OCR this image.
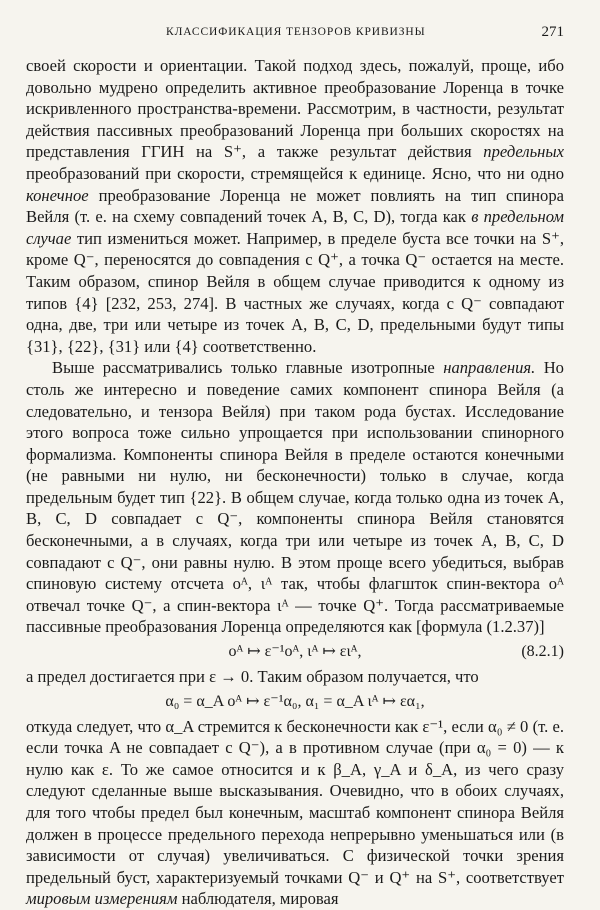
КЛАССИФИКАЦИЯ ТЕНЗОРОВ КРИВИЗНЫ	271

своей скорости и ориентации. Такой подход здесь, пожалуй, проще, ибо довольно мудрено определить активное преобразование Лоренца в точке искривленного пространства-времени. Рассмотрим, в частности, результат действия пассивных преобразований Лоренца при больших скоростях на представления ГГИН на S⁺, а также результат действия предельных преобразований при скорости, стремящейся к единице. Ясно, что ни одно конечное преобразование Лоренца не может повлиять на тип спинора Вейля (т. е. на схему совпадений точек A, B, C, D), тогда как в предельном случае тип измениться может. Например, в пределе буста все точки на S⁺, кроме Q⁻, переносятся до совпадения с Q⁺, а точка Q⁻ остается на месте. Таким образом, спинор Вейля в общем случае приводится к одному из типов {4} [232, 253, 274]. В частных же случаях, когда с Q⁻ совпадают одна, две, три или четыре из точек A, B, C, D, предельными будут типы {31}, {22}, {31} или {4} соответственно.

Выше рассматривались только главные изотропные направления. Но столь же интересно и поведение самих компонент спинора Вейля (а следовательно, и тензора Вейля) при таком рода бустах. Исследование этого вопроса тоже сильно упрощается при использовании спинорного формализма. Компоненты спинора Вейля в пределе остаются конечными (не равными ни нулю, ни бесконечности) только в случае, когда предельным будет тип {22}. В общем случае, когда только одна из точек A, B, C, D совпадает с Q⁻, компоненты спинора Вейля становятся бесконечными, а в случаях, когда три или четыре из точек A, B, C, D совпадают с Q⁻, они равны нулю. В этом проще всего убедиться, выбрав спиновую систему отсчета oᴬ, ιᴬ так, чтобы флагшток спин-вектора oᴬ отвечал точке Q⁻, а спин-вектора ιᴬ — точке Q⁺. Тогда рассматриваемые пассивные преобразования Лоренца определяются как [формула (1.2.37)]

oᴬ ↦ ε⁻¹oᴬ, ιᴬ ↦ ειᴬ,	(8.2.1)

а предел достигается при ε → 0. Таким образом получается, что

α₀ = α_A oᴬ ↦ ε⁻¹α₀, α₁ = α_A ιᴬ ↦ εα₁,

откуда следует, что α_A стремится к бесконечности как ε⁻¹, если α₀ ≠ 0 (т. е. если точка A не совпадает с Q⁻), а в противном случае (при α₀ = 0) — к нулю как ε. То же самое относится и к β_A, γ_A и δ_A, из чего сразу следуют сделанные выше высказывания. Очевидно, что в обоих случаях, для того чтобы предел был конечным, масштаб компонент спинора Вейля должен в процессе предельного перехода непрерывно уменьшаться или (в зависимости от случая) увеличиваться. С физической точки зрения предельный буст, характеризуемый точками Q⁻ и Q⁺ на S⁺, соответствует мировым измерениям наблюдателя, мировая
